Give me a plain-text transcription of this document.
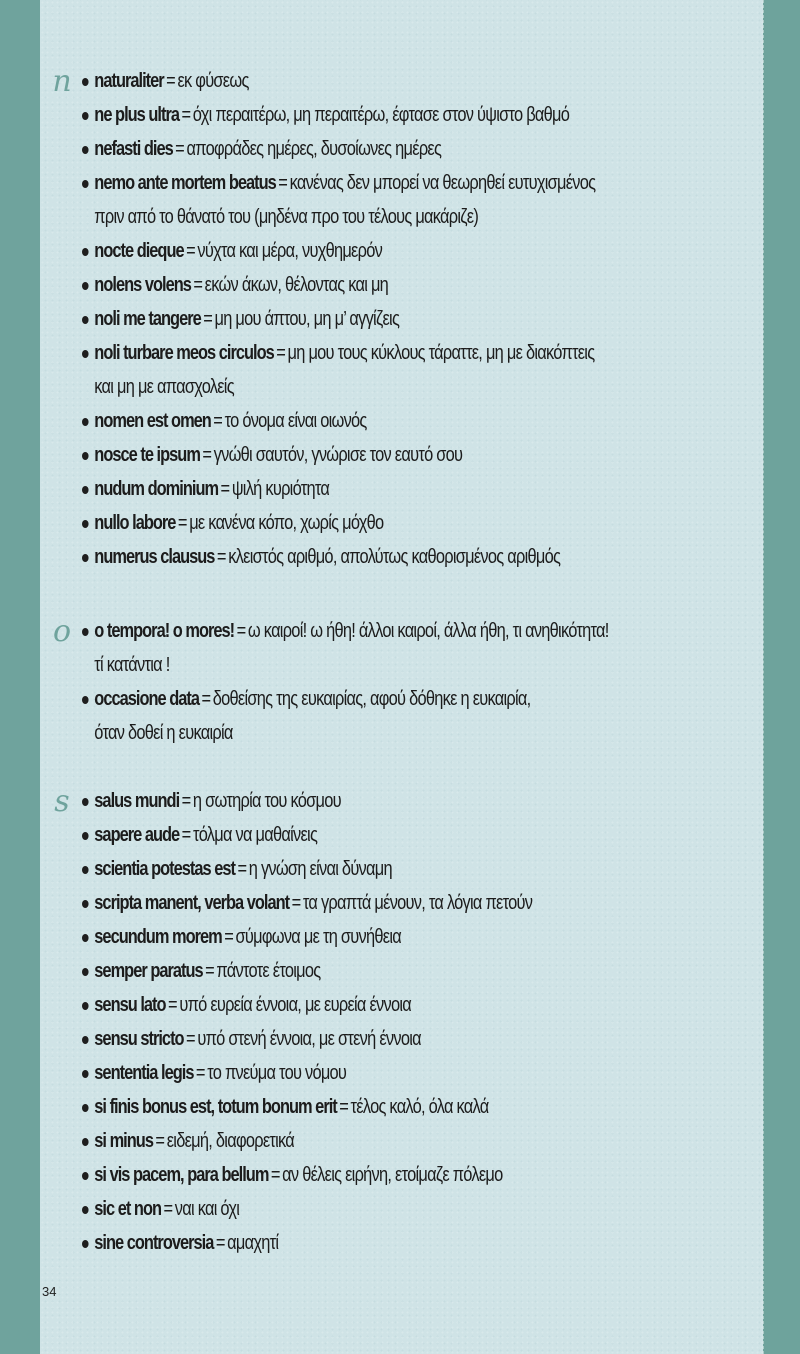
n	naturaliter = εκ φύσεως
ne plus ultra = όχι περαιτέρω, μη περαιτέρω, έφτασε στον ύψιστο βαθμό
nefasti dies = αποφράδες ημέρες, δυσοίωνες ημέρες
nemo ante mortem beatus = κανένας δεν μπορεί να θεωρηθεί ευτυχισμένος
πριν από το θάνατό του (μηδένα προ του τέλους μακάριζε)
nocte dieque = νύχτα και μέρα, νυχθημερόν
nolens volens = εκών άκων, θέλοντας και μη
noli me tangere = μη μου άπτου, μη μ’ αγγίζεις
noli turbare meos circulos = μη μου τους κύκλους τάραττε, μη με διακόπτεις
και μη με απασχολείς
nomen est omen = το όνομα είναι οιωνός
nosce te ipsum = γνώθι σαυτόν, γνώρισε τον εαυτό σου
nudum dominium = ψιλή κυριότητα
nullo labore = με κανένα κόπο, χωρίς μόχθο
numerus clausus = κλειστός αριθμό, απολύτως καθορισμένος αριθμός
o	o tempora! o mores! = ω καιροί! ω ήθη! άλλοι καιροί, άλλα ήθη, τι ανηθικότητα!
τί κατάντια !
occasione data = δοθείσης της ευκαιρίας, αφού δόθηκε η ευκαιρία,
όταν δοθεί η ευκαιρία
s	salus mundi = η σωτηρία του κόσμου
sapere aude = τόλμα να μαθαίνεις
scientia potestas est = η γνώση είναι δύναμη
scripta manent, verba volant = τα γραπτά μένουν, τα λόγια πετούν
secundum morem = σύμφωνα με τη συνήθεια
semper paratus = πάντοτε έτοιμος
sensu lato = υπό ευρεία έννοια, με ευρεία έννοια
sensu stricto = υπό στενή έννοια, με στενή έννοια
sententia legis = το πνεύμα του νόμου
si finis bonus est, totum bonum erit = τέλος καλό, όλα καλά
si minus = ειδεμή, διαφορετικά
si vis pacem, para bellum = αν θέλεις ειρήνη, ετοίμαζε πόλεμο
sic et non = ναι και όχι
sine controversia = αμαχητί
34
